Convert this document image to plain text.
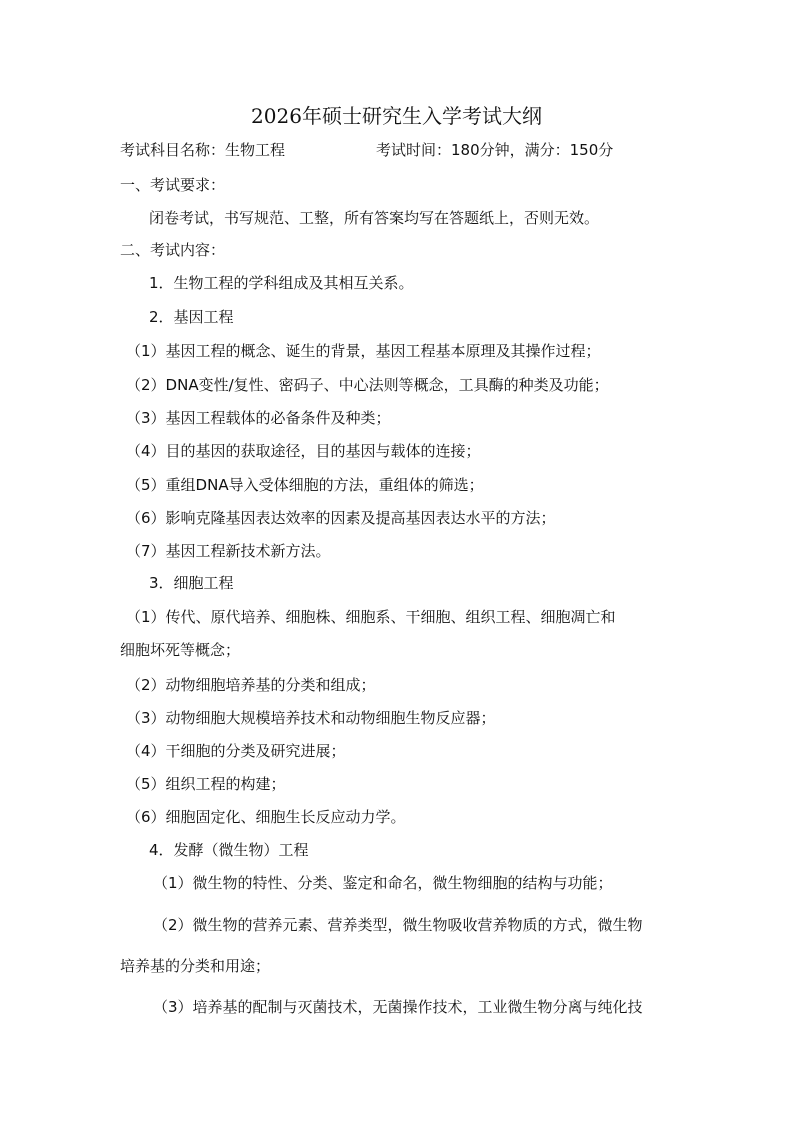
2026年硕士研究生入学考试大纲
考试科目名称：生物工程	考试时间：180分钟，满分：150分
一、考试要求：
闭卷考试，书写规范、工整，所有答案均写在答题纸上，否则无效。
二、考试内容：
1．生物工程的学科组成及其相互关系。
2．基因工程
（1）基因工程的概念、诞生的背景，基因工程基本原理及其操作过程；
（2）DNA变性/复性、密码子、中心法则等概念，工具酶的种类及功能；
（3）基因工程载体的必备条件及种类；
（4）目的基因的获取途径，目的基因与载体的连接；
（5）重组DNA导入受体细胞的方法，重组体的筛选；
（6）影响克隆基因表达效率的因素及提高基因表达水平的方法；
（7）基因工程新技术新方法。
3．细胞工程
（1）传代、原代培养、细胞株、细胞系、干细胞、组织工程、细胞凋亡和
细胞坏死等概念；
（2）动物细胞培养基的分类和组成；
（3）动物细胞大规模培养技术和动物细胞生物反应器；
（4）干细胞的分类及研究进展；
（5）组织工程的构建；
（6）细胞固定化、细胞生长反应动力学。
4．发酵（微生物）工程
（1）微生物的特性、分类、鉴定和命名，微生物细胞的结构与功能；
（2）微生物的营养元素、营养类型，微生物吸收营养物质的方式，微生物
培养基的分类和用途；
（3）培养基的配制与灭菌技术，无菌操作技术，工业微生物分离与纯化技
